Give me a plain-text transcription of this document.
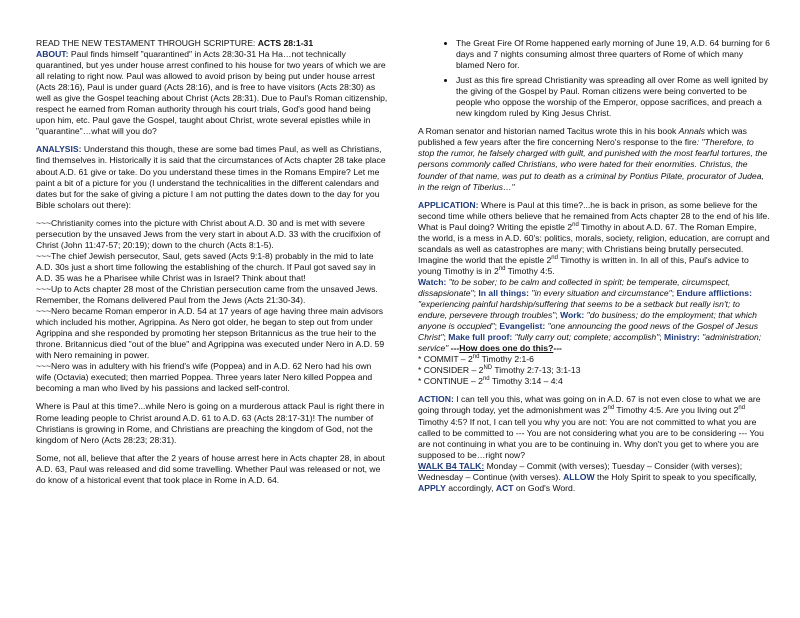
READ THE NEW TESTAMENT THROUGH SCRIPTURE: ACTS 28:1-31
ABOUT: Paul finds himself "quarantined" in Acts 28:30-31 Ha Ha…not technically quarantined, but yes under house arrest confined to his house for two years of which we are all relating to right now. Paul was allowed to avoid prison by being put under house arrest (Acts 28:16), Paul is under guard (Acts 28:16), and is free to have visitors (Acts 28:30) as well as give the Gospel teaching about Christ (Acts 28:31). Due to Paul's Roman citizenship, respect he earned from Roman authority through his court trials, God's good hand being upon him, etc. Paul gave the Gospel, taught about Christ, wrote several epistles while in "quarantine"…what will you do?

ANALYSIS: Understand this though, these are some bad times Paul, as well as Christians, find themselves in. Historically it is said that the circumstances of Acts chapter 28 take place about A.D. 61 give or take. Do you understand these times in the Romans Empire? Let me paint a bit of a picture for you (I understand the technicalities in the different calendars and dates but for the sake of giving a picture I am not putting the dates down to the day for you Bible scholars out there):

~~~Christianity comes into the picture with Christ about A.D. 30 and is met with severe persecution by the unsaved Jews from the very start in about A.D. 33 with the crucifixion of Christ (John 11:47-57; 20:19); down to the church (Acts 8:1-5).
~~~The chief Jewish persecutor, Saul, gets saved (Acts 9:1-8) probably in the mid to late A.D. 30s just a short time following the establishing of the church. If Paul got saved say in A.D. 35 was he a Pharisee while Christ was in Israel? Think about that!
~~~Up to Acts chapter 28 most of the Christian persecution came from the unsaved Jews. Remember, the Romans delivered Paul from the Jews (Acts 21:30-34).
~~~Nero became Roman emperor in A.D. 54 at 17 years of age having three main advisors which included his mother, Agrippina. As Nero got older, he began to step out from under Agrippina and she responded by promoting her stepson Britannicus as the true heir to the throne. Britannicus died "out of the blue" and Agrippina was executed under Nero in A.D. 59 with Nero remaining in power.
~~~Nero was in adultery with his friend's wife (Poppea) and in A.D. 62 Nero had his own wife (Octavia) executed; then married Poppea. Three years later Nero killed Poppea and becoming a man who lived by his passions and lacked self-control.

Where is Paul at this time?...while Nero is going on a murderous attack Paul is right there in Rome leading people to Christ around A.D. 61 to A.D. 63 (Acts 28:17-31)! The number of Christians is growing in Rome, and Christians are preaching the kingdom of God, not the kingdom of Nero (Acts 28:23; 28:31).

Some, not all, believe that after the 2 years of house arrest here in Acts chapter 28, in about A.D. 63, Paul was released and did some travelling. Whether Paul was released or not, we do know of a historical event that took place in Rome in A.D. 64.

• The Great Fire Of Rome happened early morning of June 19, A.D. 64 burning for 6 days and 7 nights consuming almost three quarters of Rome of which many blamed Nero for.
• Just as this fire spread Christianity was spreading all over Rome as well ignited by the giving of the Gospel by Paul. Roman citizens were being converted to be people who oppose the worship of the Emperor, oppose sacrifices, and preach a new kingdom ruled by King Jesus Christ.

A Roman senator and historian named Tacitus wrote this in his book Annals which was published a few years after the fire concerning Nero's response to the fire: "Therefore, to stop the rumor, he falsely charged with guilt, and punished with the most fearful tortures, the persons commonly called Christians, who were hated for their enormities. Christus, the founder of that name, was put to death as a criminal by Pontius Pilate, procurator of Judea, in the reign of Tiberius…"

APPLICATION: Where is Paul at this time?...he is back in prison, as some believe for the second time while others believe that he remained from Acts chapter 28 to the end of his life. What is Paul doing? Writing the epistle 2nd Timothy in about A.D. 67. The Roman Empire, the world, is a mess in A.D. 60's: politics, morals, society, religion, education, are corrupt and scandals as well as catastrophes are many; with Christians being brutally persecuted. Imagine the world that the epistle 2nd Timothy is written in. In all of this, Paul's advice to young Timothy is in 2nd Timothy 4:5.
Watch: "to be sober; to be calm and collected in spirit; be temperate, circumspect, dissapsionate"; In all things: "in every situation and circumstance"; Endure afflictions: "experiencing painful hardship/suffering that seems to be a setback but really isn't; to endure, persevere through troubles"; Work: "do business; do the employment; that which anyone is occupied"; Evangelist: "one announcing the good news of the Gospel of Jesus Christ"; Make full proof: "fully carry out; complete; accomplish"; Ministry: "administration; service" ---How does one do this?---
* COMMIT – 2nd Timothy 2:1-6
* CONSIDER – 2ND Timothy 2:7-13; 3:1-13
* CONTINUE – 2nd Timothy 3:14 – 4:4

ACTION: I can tell you this, what was going on in A.D. 67 is not even close to what we are going through today, yet the admonishment was 2nd Timothy 4:5. Are you living out 2nd Timothy 4:5? If not, I can tell you why you are not: You are not committed to what you are called to be committed to --- You are not considering what you are to be considering --- You are not continuing in what you are to be continuing in. Why don't you get to where you are supposed to be…right now?
WALK B4 TALK: Monday – Commit (with verses); Tuesday – Consider (with verses); Wednesday – Continue (with verses). ALLOW the Holy Spirit to speak to you specifically, APPLY accordingly, ACT on God's Word.
